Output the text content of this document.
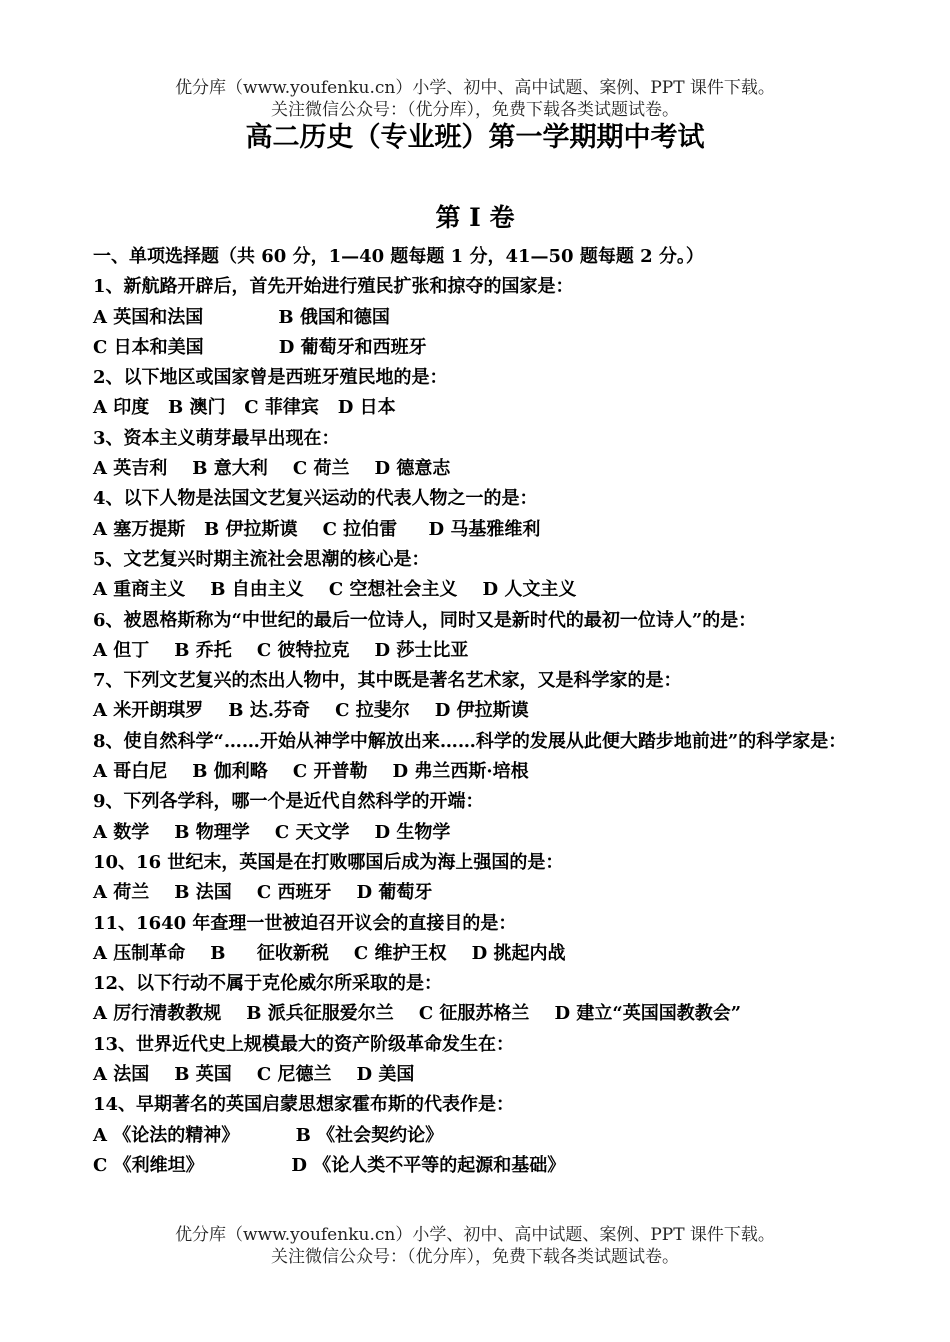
优分库（www.youfenku.cn）小学、初中、高中试题、案例、PPT 课件下载。
关注微信公众号：（优分库），免费下载各类试题试卷。
高二历史（专业班）第一学期期中考试
第 I 卷

一、单项选择题（共 60 分，1—40 题每题 1 分，41—50 题每题 2 分。）

1、新航路开辟后，首先开始进行殖民扩张和掠夺的国家是：

A 英国和法国            B 俄国和德国

C 日本和美国            D 葡萄牙和西班牙

2、以下地区或国家曾是西班牙殖民地的是：

A 印度   B 澳门   C 菲律宾   D 日本

3、资本主义萌芽最早出现在：

A 英吉利    B 意大利    C 荷兰    D 德意志

4、以下人物是法国文艺复兴运动的代表人物之一的是：

A 塞万提斯   B 伊拉斯谟    C 拉伯雷     D 马基雅维利

5、文艺复兴时期主流社会思潮的核心是：

A 重商主义    B 自由主义    C 空想社会主义    D 人文主义

6、被恩格斯称为“中世纪的最后一位诗人，同时又是新时代的最初一位诗人”的是：

A 但丁    B 乔托    C 彼特拉克    D 莎士比亚

7、下列文艺复兴的杰出人物中，其中既是著名艺术家，又是科学家的是：

A 米开朗琪罗    B 达.芬奇    C 拉斐尔    D 伊拉斯谟

8、使自然科学“……开始从神学中解放出来……科学的发展从此便大踏步地前进”的科学家是：

A 哥白尼    B 伽利略    C 开普勒    D 弗兰西斯·培根

9、下列各学科，哪一个是近代自然科学的开端：

A 数学    B 物理学    C 天文学    D 生物学

10、16 世纪末，英国是在打败哪国后成为海上强国的是：

A 荷兰    B 法国    C 西班牙    D 葡萄牙

11、1640 年查理一世被迫召开议会的直接目的是：

A 压制革命    B     征收新税    C 维护王权    D 挑起内战

12、以下行动不属于克伦威尔所采取的是：

A 厉行清教教规    B 派兵征服爱尔兰    C 征服苏格兰    D 建立“英国国教教会”

13、世界近代史上规模最大的资产阶级革命发生在：

A 法国    B 英国    C 尼德兰    D 美国

14、早期著名的英国启蒙思想家霍布斯的代表作是：

A 《论法的精神》         B 《社会契约论》

C 《利维坦》              D 《论人类不平等的起源和基础》

优分库（www.youfenku.cn）小学、初中、高中试题、案例、PPT 课件下载。
关注微信公众号：（优分库），免费下载各类试题试卷。
